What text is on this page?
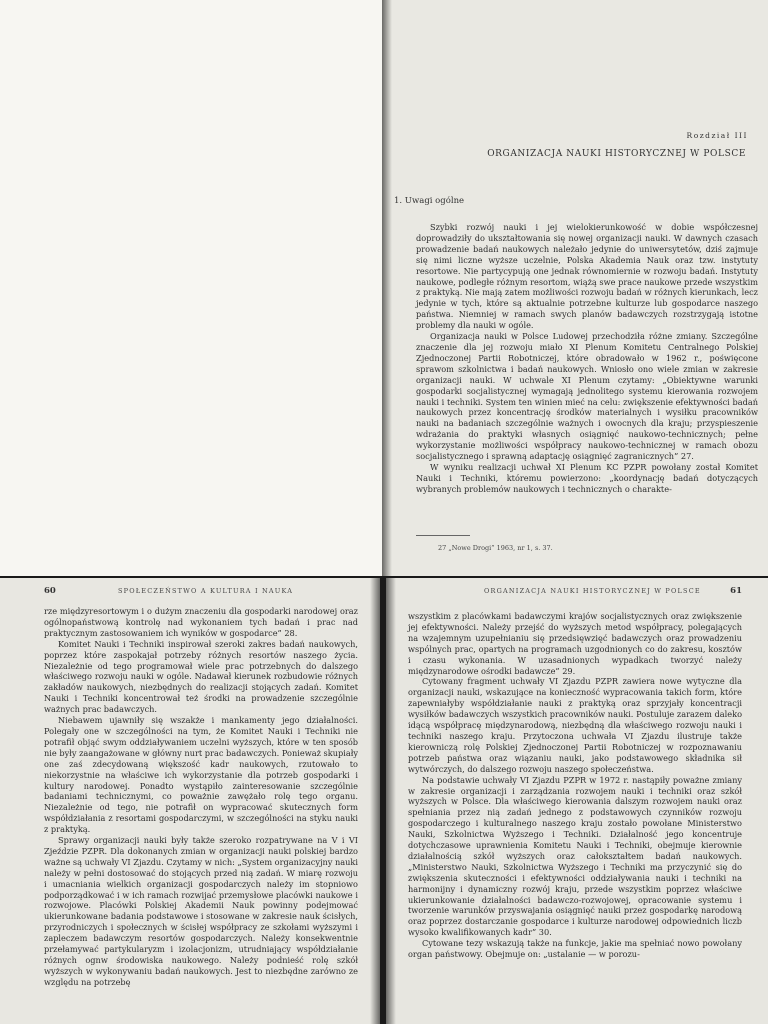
Rozdział III
ORGANIZACJA NAUKI HISTORYCZNEJ W POLSCE
1. Uwagi ogólne

Szybki rozwój nauki i jej wielokierunkowość w dobie współczesnej doprowadziły do ukształtowania się nowej organizacji nauki. W dawnych czasach prowadzenie badań naukowych należało jedynie do uniwersytetów, dziś zajmuje się nimi liczne wyższe uczelnie, Polska Akademia Nauk oraz tzw. instytuty resortowe. Nie partycypują one jednak równomiernie w rozwoju badań. Instytuty naukowe, podległe różnym resortom, wiążą swe prace naukowe przede wszystkim z praktyką. Nie mają zatem możliwości rozwoju badań w różnych kierunkach, lecz jedynie w tych, które są aktualnie potrzebne kulturze lub gospodarce naszego państwa. Niemniej w ramach swych planów badawczych rozstrzygają istotne problemy dla nauki w ogóle.

Organizacja nauki w Polsce Ludowej przechodziła różne zmiany. Szczególne znaczenie dla jej rozwoju miało XI Plenum Komitetu Centralnego Polskiej Zjednoczonej Partii Robotniczej, które obradowało w 1962 r., poświęcone sprawom szkolnictwa i badań naukowych. Wniosło ono wiele zmian w zakresie organizacji nauki. W uchwale XI Plenum czytamy: „Obiektywne warunki gospodarki socjalistycznej wymagają jednolitego systemu kierowania rozwojem nauki i techniki. System ten winien mieć na celu: zwiększenie efektywności badań naukowych przez koncentrację środków materialnych i wysiłku pracowników nauki na badaniach szczególnie ważnych i owocnych dla kraju; przyspieszenie wdrażania do praktyki własnych osiągnięć naukowo-technicznych; pełne wykorzystanie możliwości współpracy naukowo-technicznej w ramach obozu socjalistycznego i sprawną adaptację osiągnięć zagranicznych” 27.

W wyniku realizacji uchwał XI Plenum KC PZPR powołany został Komitet Nauki i Techniki, któremu powierzono: „koordynację badań dotyczących wybranych problemów naukowych i technicznych o charakte-

27 „Nowe Drogi” 1963, nr 1, s. 37.
60	SPOŁECZEŃSTWO A KULTURA I NAUKA

rze międzyresortowym i o dużym znaczeniu dla gospodarki narodowej oraz ogólnopaństwową kontrolę nad wykonaniem tych badań i prac nad praktycznym zastosowaniem ich wyników w gospodarce” 28.

Komitet Nauki i Techniki inspirował szeroki zakres badań naukowych, poprzez które zaspokajał potrzeby różnych resortów naszego życia. Niezależnie od tego programował wiele prac potrzebnych do dalszego właściwego rozwoju nauki w ogóle. Nadawał kierunek rozbudowie różnych zakładów naukowych, niezbędnych do realizacji stojących zadań. Komitet Nauki i Techniki koncentrował też środki na prowadzenie szczególnie ważnych prac badawczych.

Niebawem ujawniły się wszakże i mankamenty jego działalności. Polegały one w szczególności na tym, że Komitet Nauki i Techniki nie potrafił objąć swym oddziaływaniem uczelni wyższych, które w ten sposób nie były zaangażowane w główny nurt prac badawczych. Ponieważ skupiały one zaś zdecydowaną większość kadr naukowych, rzutowało to niekorzystnie na właściwe ich wykorzystanie dla potrzeb gospodarki i kultury narodowej. Ponadto wystąpiło zainteresowanie szczególnie badaniami technicznymi, co poważnie zawężało rolę tego organu. Niezależnie od tego, nie potrafił on wypracować skutecznych form współdziałania z resortami gospodarczymi, w szczególności na styku nauki z praktyką.

Sprawy organizacji nauki były także szeroko rozpatrywane na V i VI Zjeździe PZPR. Dla dokonanych zmian w organizacji nauki polskiej bardzo ważne są uchwały VI Zjazdu. Czytamy w nich: „System organizacyjny nauki należy w pełni dostosować do stojących przed nią zadań. W miarę rozwoju i umacniania wielkich organizacji gospodarczych należy im stopniowo podporządkować i w ich ramach rozwijać przemysłowe placówki naukowe i rozwojowe. Placówki Polskiej Akademii Nauk powinny podejmować ukierunkowane badania podstawowe i stosowane w zakresie nauk ścisłych, przyrodniczych i społecznych w ścisłej współpracy ze szkołami wyższymi i zapleczem badawczym resortów gospodarczych. Należy konsekwentnie przełamywać partykularyzm i izolacjonizm, utrudniający współdziałanie różnych ognw środowiska naukowego. Należy podnieść rolę szkół wyższych w wykonywaniu badań naukowych. Jest to niezbędne zarówno ze względu na potrzebę

ORGANIZACJA NAUKI HISTORYCZNEJ W POLSCE	61

wszystkim z placówkami badawczymi krajów socjalistycznych oraz zwiększenie jej efektywności. Należy przejść do wyższych metod współpracy, polegających na wzajemnym uzupełnianiu się przedsięwzięć badawczych oraz prowadzeniu wspólnych prac, opartych na programach uzgodnionych co do zakresu, kosztów i czasu wykonania. W uzasadnionych wypadkach tworzyć należy międzynarodowe ośrodki badawcze” 29.

Cytowany fragment uchwały VI Zjazdu PZPR zawiera nowe wytyczne dla organizacji nauki, wskazujące na konieczność wypracowania takich form, które zapewniałyby współdziałanie nauki z praktyką oraz sprzyjały koncentracji wysiłków badawczych wszystkich pracowników nauki. Postuluje zarazem daleko idącą współpracę międzynarodową, niezbędną dla właściwego rozwoju nauki i techniki naszego kraju. Przytoczona uchwała VI Zjazdu ilustruje także kierowniczą rolę Polskiej Zjednoczonej Partii Robotniczej w rozpoznawaniu potrzeb państwa oraz wiązaniu nauki, jako podstawowego składnika sił wytwórczych, do dalszego rozwoju naszego społeczeństwa.

Na podstawie uchwały VI Zjazdu PZPR w 1972 r. nastąpiły poważne zmiany w zakresie organizacji i zarządzania rozwojem nauki i techniki oraz szkół wyższych w Polsce. Dla właściwego kierowania dalszym rozwojem nauki oraz spełniania przez nią zadań jednego z podstawowych czynników rozwoju gospodarczego i kulturalnego naszego kraju zostało powołane Ministerstwo Nauki, Szkolnictwa Wyższego i Techniki. Działalność jego koncentruje dotychczasowe uprawnienia Komitetu Nauki i Techniki, obejmuje kierownie działalnością szkół wyższych oraz całokształtem badań naukowych. „Ministerstwo Nauki, Szkolnictwa Wyższego i Techniki ma przyczynić się do zwiększenia skuteczności i efektywności oddziaływania nauki i techniki na harmonijny i dynamiczny rozwój kraju, przede wszystkim poprzez właściwe ukierunkowanie działalności badawczo-rozwojowej, opracowanie systemu i tworzenie warunków przyswajania osiągnięć nauki przez gospodarkę narodową oraz poprzez dostarczanie gospodarce i kulturze narodowej odpowiednich liczb wysoko kwalifikowanych kadr” 30.

Cytowane tezy wskazują także na funkcje, jakie ma spełniać nowo powołany organ państwowy. Obejmuje on: „ustalanie — w porozu-
